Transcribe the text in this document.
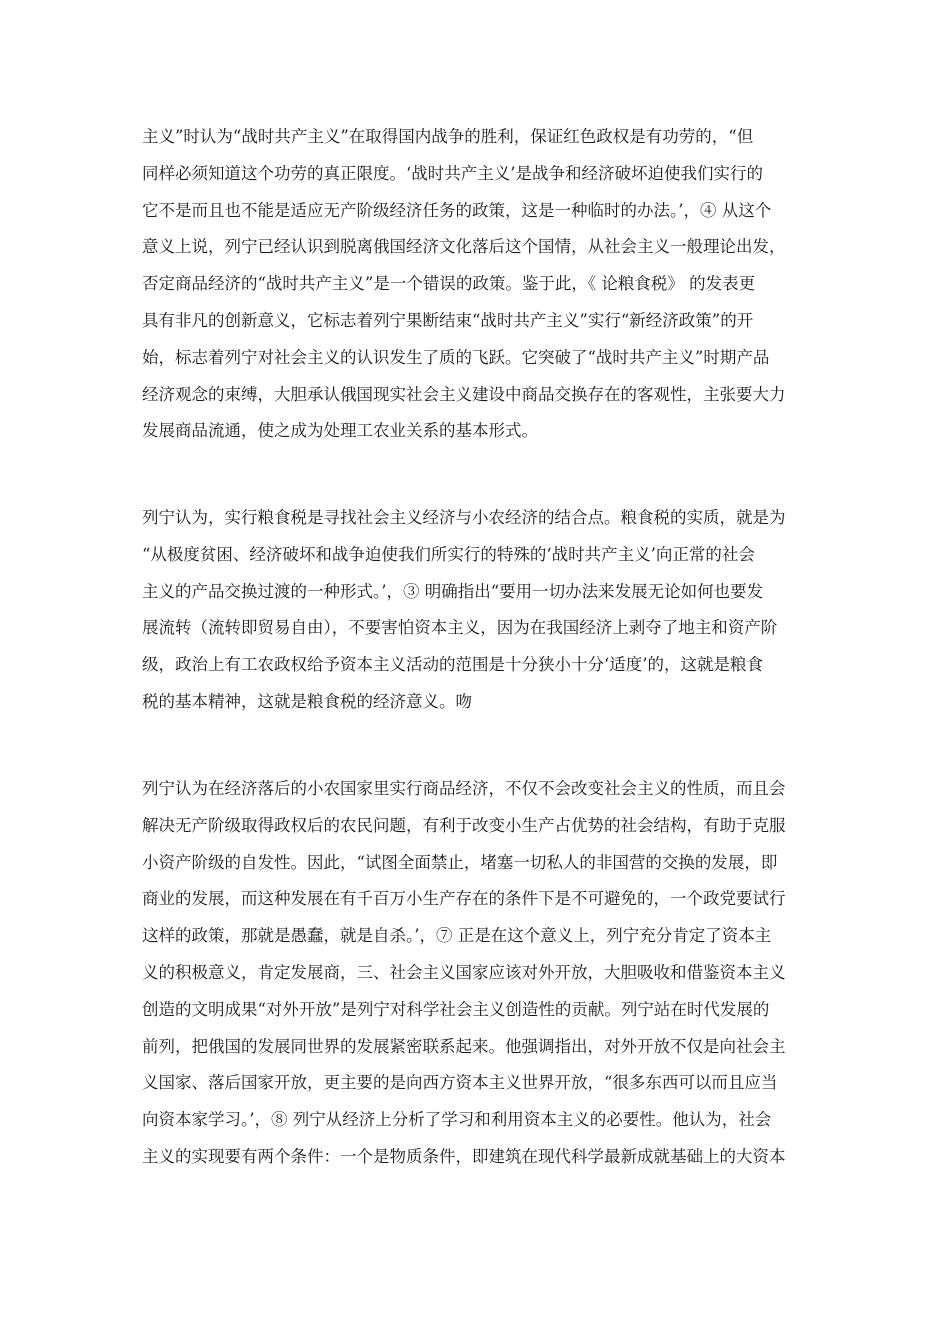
主义”时认为“战时共产主义”在取得国内战争的胜利，保证红色政权是有功劳的，“但
同样必须知道这个功劳的真正限度。‘战时共产主义’是战争和经济破坏迫使我们实行的
它不是而且也不能是适应无产阶级经济任务的政策，这是一种临时的办法。’，④ 从这个
意义上说，列宁已经认识到脱离俄国经济文化落后这个国情，从社会主义一般理论出发，
否定商品经济的“战时共产主义”是一个错误的政策。鉴于此，《 论粮食税》 的发表更
具有非凡的创新意义，它标志着列宁果断结束“战时共产主义”实行“新经济政策”的开
始，标志着列宁对社会主义的认识发生了质的飞跃。它突破了“战时共产主义”时期产品
经济观念的束缚，大胆承认俄国现实社会主义建设中商品交换存在的客观性，主张要大力
发展商品流通，使之成为处理工农业关系的基本形式。
列宁认为，实行粮食税是寻找社会主义经济与小农经济的结合点。粮食税的实质，就是为
“从极度贫困、经济破坏和战争迫使我们所实行的特殊的‘战时共产主义’向正常的社会
主义的产品交换过渡的一种形式。’，③ 明确指出“要用一切办法来发展无论如何也要发
展流转（流转即贸易自由），不要害怕资本主义，因为在我国经济上剥夺了地主和资产阶
级，政治上有工农政权给予资本主义活动的范围是十分狭小十分‘适度’的，这就是粮食
税的基本精神，这就是粮食税的经济意义。吻
列宁认为在经济落后的小农国家里实行商品经济，不仅不会改变社会主义的性质，而且会
解决无产阶级取得政权后的农民问题，有利于改变小生产占优势的社会结构，有助于克服
小资产阶级的自发性。因此，“试图全面禁止，堵塞一切私人的非国营的交换的发展，即
商业的发展，而这种发展在有千百万小生产存在的条件下是不可避免的，一个政党要试行
这样的政策，那就是愚蠢，就是自杀。’，⑦ 正是在这个意义上，列宁充分肯定了资本主
义的积极意义，肯定发展商，三、社会主义国家应该对外开放，大胆吸收和借鉴资本主义
创造的文明成果“对外开放”是列宁对科学社会主义创造性的贡献。列宁站在时代发展的
前列，把俄国的发展同世界的发展紧密联系起来。他强调指出，对外开放不仅是向社会主
义国家、落后国家开放，更主要的是向西方资本主义世界开放，“很多东西可以而且应当
向资本家学习。’，⑧ 列宁从经济上分析了学习和利用资本主义的必要性。他认为，社会
主义的实现要有两个条件：一个是物质条件，即建筑在现代科学最新成就基础上的大资本
